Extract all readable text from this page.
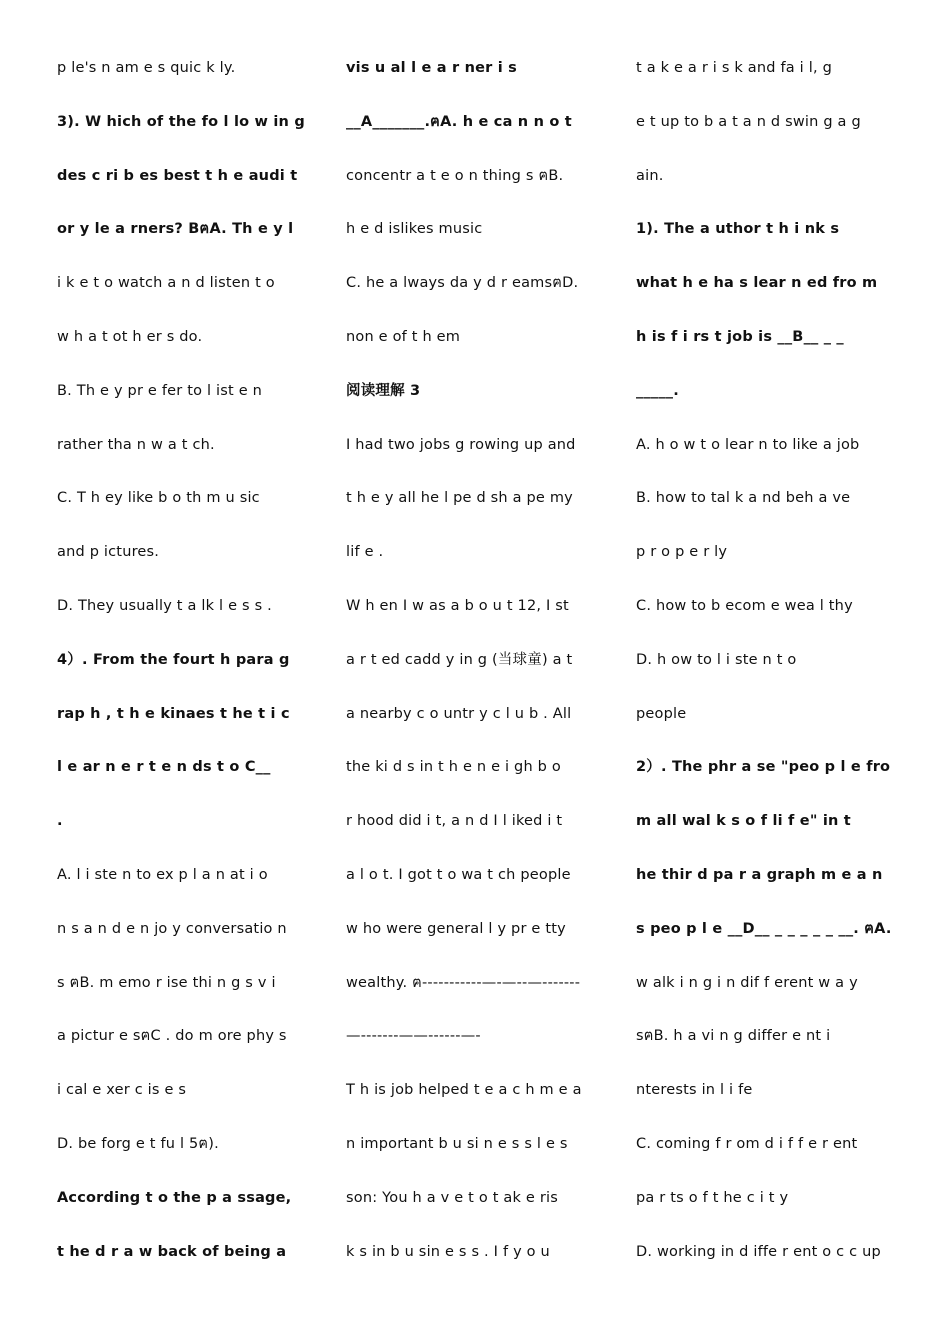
p le's n am e s quic k ly.
3). W hich of the fo l lo w in g
des c ri b es best t h e audi t
or y le a rners? BฅA. Th e y l
i k e t o watch a n d listen t o
w h a t ot h er s do.
B. Th e y pr e fer to l ist e n
rather tha n w a t ch.
C. T h ey like b o th m u sic
and p ictures.
D. They usually t a lk l e s s .
4）. From the fourt h para g
rap h , t h e kinaes t he t i c
l e ar n e r t e n ds t o C__
.
A. l i ste n to ex p l a n at i o
n s a n d e n jo y conversatio n
s ฅB. m emo r ise thi n g s v i
a pictur e sฅC . do m ore phy s
i cal e xer c is e s
D. be forg e t fu l 5ฅ).
According t o the p a ssage,
t he d r a w back of being a
vis u al l e a r ner i s
__A_______.ฅA. h e ca n n o t
concentr a t e o n thing s ฅB.
h e d islikes music
C. he a lways da y d r eamsฅD.
non e of t h em
阅读理解 3
I had two jobs g rowing up and
t h e y all he l pe d sh a pe my
lif e .
W h en I w as a b o u t 12, I st
a r t ed cadd y in g (当球童) a t
a nearby c o untr y c l u b . All
the ki d s in t h e n e i gh b o
r hood did i t, a n d I l iked i t
a l o t. I got t o wa t ch people
w ho were general l y pr e tty
wealthy. ฅ-----------—-—--—-------
—-------——------—-
T h is job helped t e a c h m e a
n important b u si n e s s l e s
son: You h a v e t o t ak e ris
k s in b u sin e s s . I f y o u
t a k e a r i s k and fa i l, g
e t up to b a t a n d swin g a g
ain.
1). The a uthor t h i nk s
what h e ha s lear n ed fro m
h is f i rs t job is __B__ _ _
_____.
A. h o w t o lear n to like a job
B. how to tal k a nd beh a ve
p r o p e r ly
C. how to b ecom e wea l thy
D. h ow to l i ste n t o
people
2）. The phr a se "peo p l e fro
m all wal k s o f li f e" in t
he thir d pa r a graph m e a n
s peo p l e __D__ _ _ _ _ _ __. ฅA.
w alk i n g i n dif f erent w a y
sฅB. h a vi n g differ e nt i
nterests in l i fe
C. coming f r om d i f f e r ent
pa r ts o f t he c i t y
D. working in d iffe r ent o c c up
